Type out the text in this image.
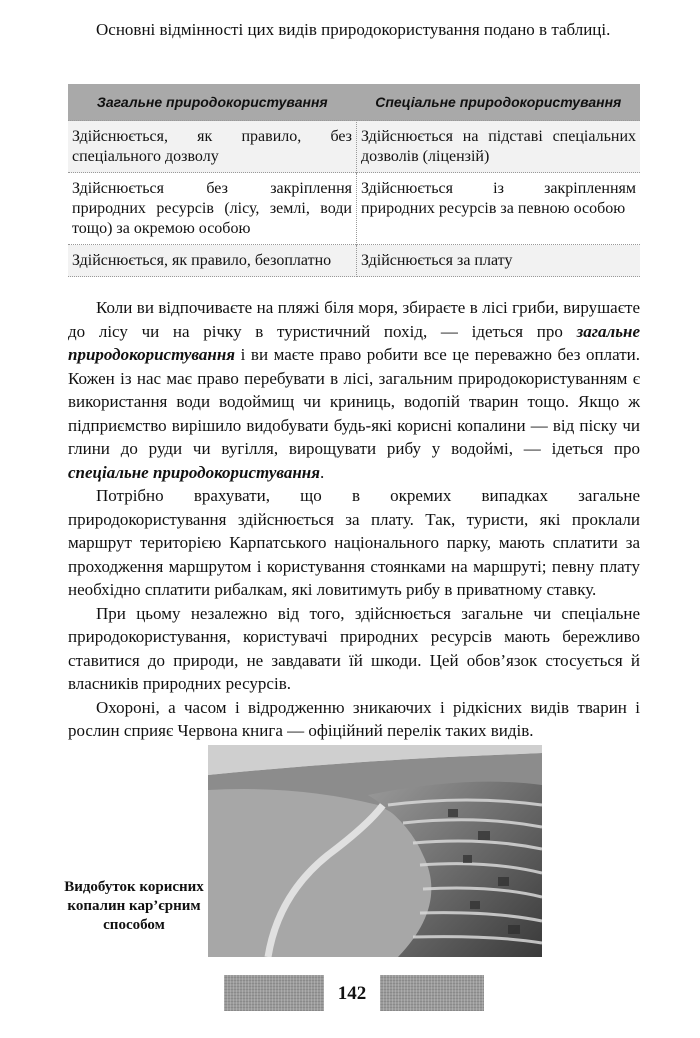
Основні відмінності цих видів природокористування подано в таблиці.

Загальне природокористування	Спеціальне природокористування
Здійснюється, як правило, без спеціального дозволу	Здійснюється на підставі спеціальних дозволів (ліцензій)
Здійснюється без закріплення природних ресурсів (лісу, землі, води тощо) за окремою особою	Здійснюється із закріпленням природних ресурсів за певною особою
Здійснюється, як правило, безоплатно	Здійснюється за плату

Коли ви відпочиваєте на пляжі біля моря, збираєте в лісі гриби, вирушаєте до лісу чи на річку в туристичний похід, — ідеться про загальне природокористування і ви маєте право робити все це переважно без оплати. Кожен із нас має право перебувати в лісі, загальним природокористуванням є використання води водоймищ чи криниць, водопій тварин тощо. Якщо ж підприємство вирішило видобувати будь-які корисні копалини — від піску чи глини до руди чи вугілля, вирощувати рибу у водоймі, — ідеться про спеціальне природокористування.

Потрібно врахувати, що в окремих випадках загальне природокористування здійснюється за плату. Так, туристи, які проклали маршрут територією Карпатського національного парку, мають сплатити за проходження маршрутом і користування стоянками на маршруті; певну плату необхідно сплатити рибалкам, які ловитимуть рибу в приватному ставку.

При цьому незалежно від того, здійснюється загальне чи спеціальне природокористування, користувачі природних ресурсів мають бережливо ставитися до природи, не завдавати їй шкоди. Цей обов’язок стосується й власників природних ресурсів.

Охороні, а часом і відродженню зникаючих і рідкісних видів тварин і рослин сприяє Червона книга — офіційний перелік таких видів.

Видобуток корисних копалин кар’єрним способом
142
